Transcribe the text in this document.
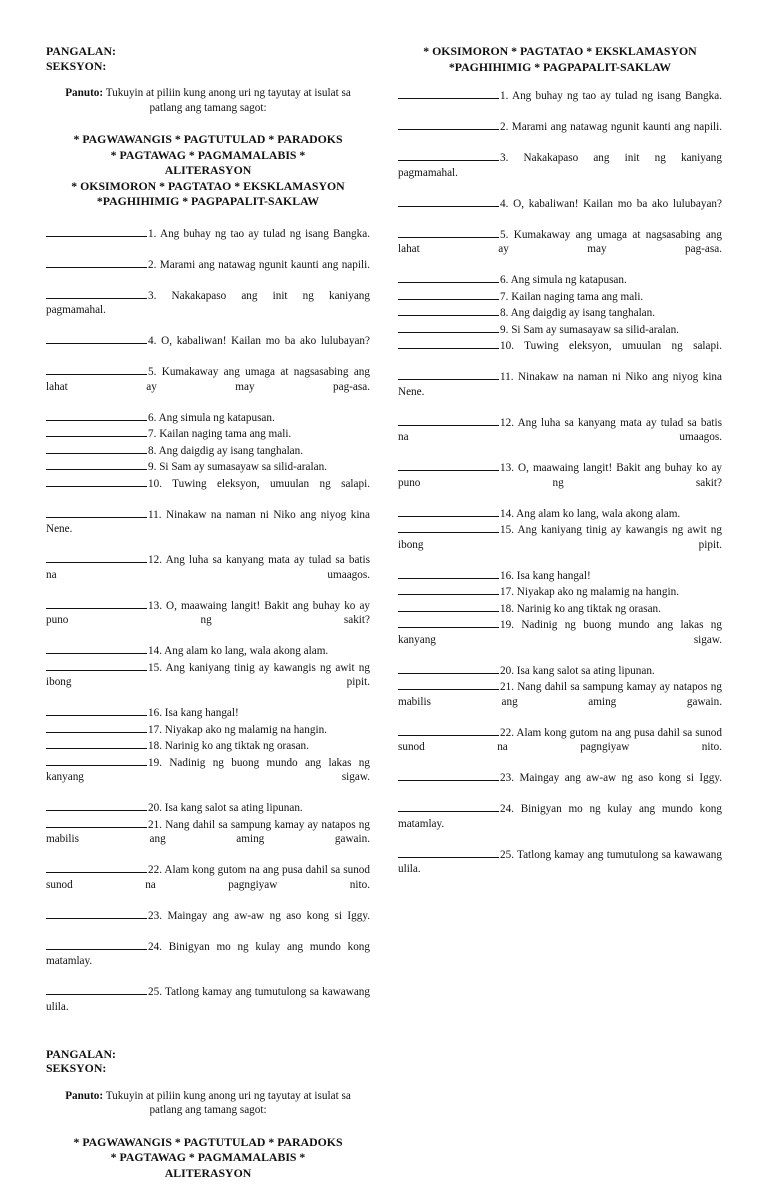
PANGALAN:
SEKSYON:
Panuto: Tukuyin at piliin kung anong uri ng tayutay at isulat sa patlang ang tamang sagot:
* PAGWAWANGIS * PAGTUTULAD * PARADOKS
* PAGTAWAG * PAGMAMALABIS *
ALITERASYON
* OKSIMORON * PAGTATAO * EKSKLAMASYON
*PAGHIHIMIG * PAGPAPALIT-SAKLAW
1. Ang buhay ng tao ay tulad ng isang Bangka.
2. Marami ang natawag ngunit kaunti ang napili.
3. Nakakapaso ang init ng kaniyang pagmamahal.
4. O, kabaliwan! Kailan mo ba ako lulubayan?
5. Kumakaway ang umaga at nagsasabing ang lahat ay may pag-asa.
6. Ang simula ng katapusan.
7. Kailan naging tama ang mali.
8. Ang daigdig ay isang tanghalan.
9. Si Sam ay sumasayaw sa silid-aralan.
10. Tuwing eleksyon, umuulan ng salapi.
11. Ninakaw na naman ni Niko ang niyog kina Nene.
12. Ang luha sa kanyang mata ay tulad sa batis na umaagos.
13. O, maawaing langit! Bakit ang buhay ko ay puno ng sakit?
14. Ang alam ko lang, wala akong alam.
15. Ang kaniyang tinig ay kawangis ng awit ng ibong pipit.
16. Isa kang hangal!
17. Niyakap ako ng malamig na hangin.
18. Narinig ko ang tiktak ng orasan.
19. Nadinig ng buong mundo ang lakas ng kanyang sigaw.
20. Isa kang salot sa ating lipunan.
21. Nang dahil sa sampung kamay ay natapos ng mabilis ang aming gawain.
22. Alam kong gutom na ang pusa dahil sa sunod sunod na pagngiyaw nito.
23. Maingay ang aw-aw ng aso kong si Iggy.
24. Binigyan mo ng kulay ang mundo kong matamlay.
25. Tatlong kamay ang tumutulong sa kawawang ulila.
PANGALAN:
SEKSYON:
Panuto: Tukuyin at piliin kung anong uri ng tayutay at isulat sa patlang ang tamang sagot:
* PAGWAWANGIS * PAGTUTULAD * PARADOKS
* PAGTAWAG * PAGMAMALABIS *
ALITERASYON
* OKSIMORON * PAGTATAO * EKSKLAMASYON
*PAGHIHIMIG * PAGPAPALIT-SAKLAW
1. Ang buhay ng tao ay tulad ng isang Bangka.
2. Marami ang natawag ngunit kaunti ang napili.
3. Nakakapaso ang init ng kaniyang pagmamahal.
4. O, kabaliwan! Kailan mo ba ako lulubayan?
5. Kumakaway ang umaga at nagsasabing ang lahat ay may pag-asa.
6. Ang simula ng katapusan.
7. Kailan naging tama ang mali.
8. Ang daigdig ay isang tanghalan.
9. Si Sam ay sumasayaw sa silid-aralan.
10. Tuwing eleksyon, umuulan ng salapi.
11. Ninakaw na naman ni Niko ang niyog kina Nene.
12. Ang luha sa kanyang mata ay tulad sa batis na umaagos.
13. O, maawaing langit! Bakit ang buhay ko ay puno ng sakit?
14. Ang alam ko lang, wala akong alam.
15. Ang kaniyang tinig ay kawangis ng awit ng ibong pipit.
16. Isa kang hangal!
17. Niyakap ako ng malamig na hangin.
18. Narinig ko ang tiktak ng orasan.
19. Nadinig ng buong mundo ang lakas ng kanyang sigaw.
20. Isa kang salot sa ating lipunan.
21. Nang dahil sa sampung kamay ay natapos ng mabilis ang aming gawain.
22. Alam kong gutom na ang pusa dahil sa sunod sunod na pagngiyaw nito.
23. Maingay ang aw-aw ng aso kong si Iggy.
24. Binigyan mo ng kulay ang mundo kong matamlay.
25. Tatlong kamay ang tumutulong sa kawawang ulila.
